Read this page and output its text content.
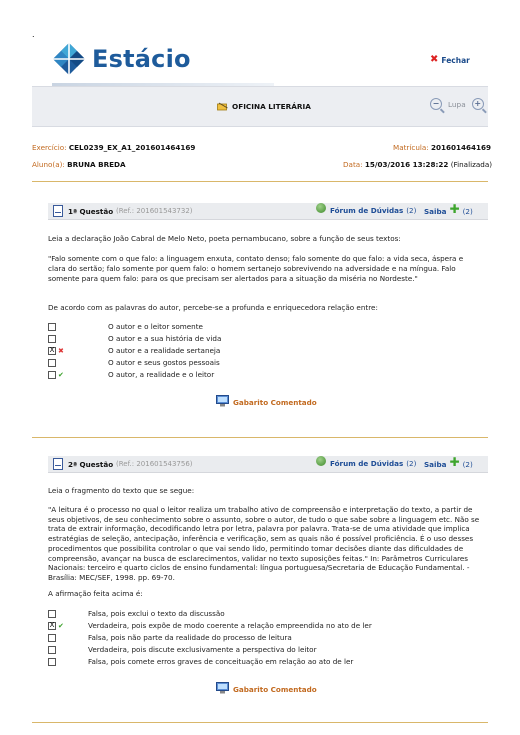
.
Estácio	✖ Fechar
OFICINA LITERÁRIA	−	Lupa	+
Exercício: CEL0239_EX_A1_201601464169	Matrícula: 201601464169
Aluno(a): BRUNA BREDA	Data: 15/03/2016 13:28:22 (Finalizada)
1ª Questão (Ref.: 201601543732)	Fórum de Dúvidas (2) Saiba ✚ (2)
Leia a declaração João Cabral de Melo Neto, poeta pernambucano, sobre a função de seus textos:
"Falo somente com o que falo: a linguagem enxuta, contato denso; falo somente do que falo: a vida seca, áspera e clara do sertão; falo somente por quem falo: o homem sertanejo sobrevivendo na adversidade e na míngua. Falo somente para quem falo: para os que precisam ser alertados para a situação da miséria no Nordeste."
De acordo com as palavras do autor, percebe-se a profunda e enriquecedora relação entre:
O autor e o leitor somente
O autor e a sua história de vida
X ✖	O autor e a realidade sertaneja
O autor e seus gostos pessoais
✔	O autor, a realidade e o leitor
Gabarito Comentado
2ª Questão (Ref.: 201601543756)	Fórum de Dúvidas (2) Saiba ✚ (2)
Leia o fragmento do texto que se segue:
"A leitura é o processo no qual o leitor realiza um trabalho ativo de compreensão e interpretação do texto, a partir de seus objetivos, de seu conhecimento sobre o assunto, sobre o autor, de tudo o que sabe sobre a linguagem etc. Não se trata de extrair informação, decodificando letra por letra, palavra por palavra. Trata-se de uma atividade que implica estratégias de seleção, antecipação, inferência e verificação, sem as quais não é possível proficiência. É o uso desses procedimentos que possibilita controlar o que vai sendo lido, permitindo tomar decisões diante das dificuldades de compreensão, avançar na busca de esclarecimentos, validar no texto suposições feitas." In: Parâmetros Curriculares Nacionais: terceiro e quarto ciclos de ensino fundamental: língua portuguesa/Secretaria de Educação Fundamental. - Brasília: MEC/SEF, 1998. pp. 69-70.
A afirmação feita acima é:
Falsa, pois exclui o texto da discussão
X ✔	Verdadeira, pois expõe de modo coerente a relação empreendida no ato de ler
Falsa, pois não parte da realidade do processo de leitura
Verdadeira, pois discute exclusivamente a perspectiva do leitor
Falsa, pois comete erros graves de conceituação em relação ao ato de ler
Gabarito Comentado
